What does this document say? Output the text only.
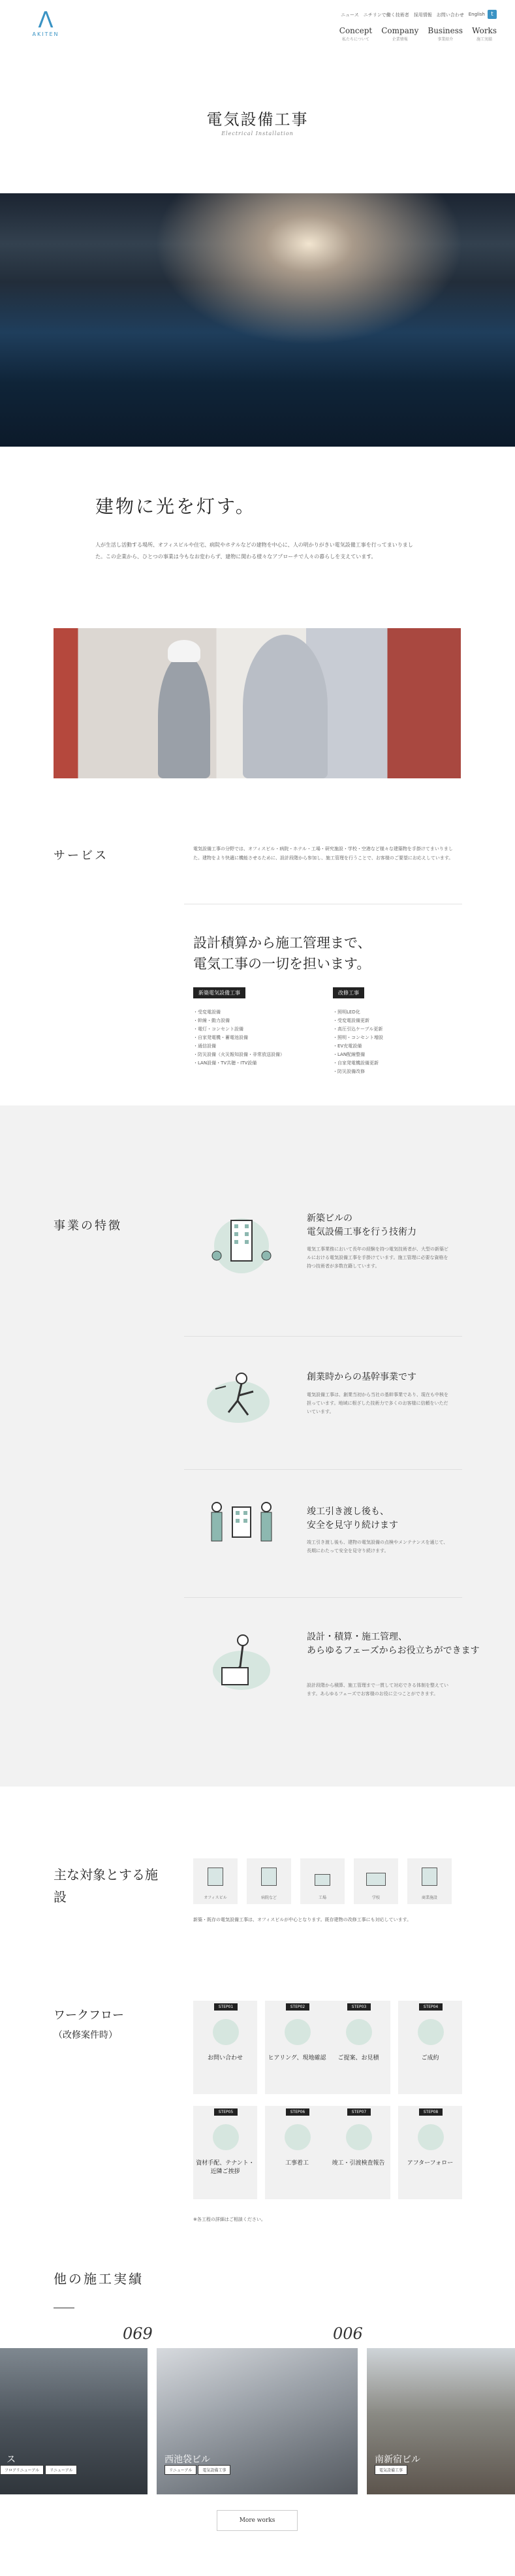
Λ
AKITEN
ニュース ニチリンで働く技術者 採用情報 お問い合わせ English	t
Concept
私たちについて
Company
企業情報
Business
事業紹介
Works
施工実績
電気設備工事
Electrical Installation
建物に光を灯す。
人が生活し活動する場所、オフィスビルや住宅、病院やホテルなどの建物を中心に、人の明かりがきい電気設備工事を行ってまいりました。この企業から、ひとつの事業は今もなお変わらず、建物に関わる様々なアプローチで人々の暮らしを支えています。
サービス	電気設備工事の分野では、オフィスビル・病院・ホテル・工場・研究施設・学校・空港など様々な建築物を手掛けてまいりました。建物をより快適に機能させるために、設計段階から参加し、施工管理を行うことで、お客様のご要望にお応えしています。
設計積算から施工管理まで、
電気工事の一切を担います。
新築電気設備工事	改修工事
・受変電設備
・幹線・動力設備
・電灯・コンセント設備
・自家発電機・蓄電池設備
・通信設備
・防災設備（火災報知設備・非常放送設備）
・LAN設備・TV共聴・ITV設備
・照明LED化
・受変電設備更新
・高圧引込ケーブル更新
・照明・コンセント増設
・EV充電設備
・LAN配線整備
・自家発電機設備更新
・防災設備改修
事業の特徴
新築ビルの
電気設備工事を行う技術力
電気工事業務において長年の経験を持つ電気技術者が、大型の新築ビルにおける電気設備工事を手掛けています。施工管理に必要な資格を持つ技術者が多数在籍しています。
創業時からの基幹事業です
電気設備工事は、創業当初から当社の基幹事業であり、現在も中核を担っています。地域に根ざした技術力で多くのお客様に信頼をいただいています。
竣工引き渡し後も、
安全を見守り続けます
竣工引き渡し後も、建物の電気設備の点検やメンテナンスを通じて、長期にわたって安全を見守り続けます。
設計・積算・施工管理、
あらゆるフェーズからお役立ちができます
設計段階から積算、施工管理まで一貫して対応できる体制を整えています。あらゆるフェーズでお客様のお役に立つことができます。
主な対象とする施
設	オフィスビル	病院など	工場	学校	商業施設
新築・既存の電気設備工事は、オフィスビルが中心となります。既存建物の改修工事にも対応しています。
ワークフロー
（改修案件時）
STEP01
お問い合わせ
STEP02
ヒアリング、現地確認
STEP03
ご提案、お見積
STEP04
ご成約
STEP05
資材手配、テナント・近隣ご挨拶
STEP06
工事着工
STEP07
竣工・引渡検査報告
STEP08
アフターフォロー
※各工程の詳細はご相談ください。
他の施工実績
069	006
ス
フロアリニューアル	リニューアル
西池袋ビル
リニューアル	電気設備工事
南新宿ビル
電気設備工事
More works
